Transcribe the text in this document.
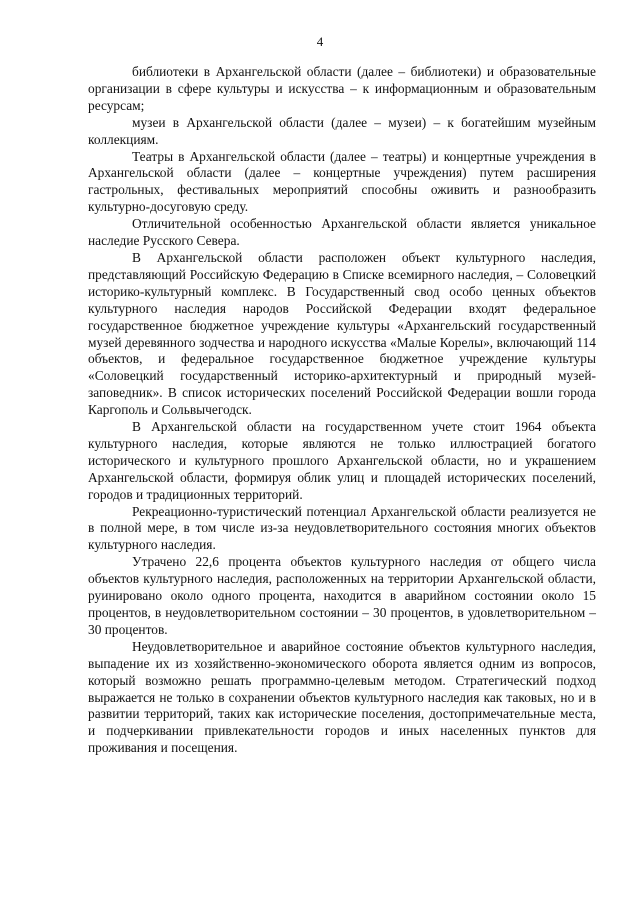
4

библиотеки в Архангельской области (далее – библиотеки) и образовательные организации в сфере культуры и искусства – к информационным и образовательным ресурсам;

музеи в Архангельской области (далее – музеи) – к богатейшим музейным коллекциям.

Театры в Архангельской области (далее – театры) и концертные учреждения в Архангельской области (далее – концертные учреждения) путем расширения гастрольных, фестивальных мероприятий способны оживить и разнообразить культурно-досуговую среду.

Отличительной особенностью Архангельской области является уникальное наследие Русского Севера.

В Архангельской области расположен объект культурного наследия, представляющий Российскую Федерацию в Списке всемирного наследия, – Соловецкий историко-культурный комплекс. В Государственный свод особо ценных объектов культурного наследия народов Российской Федерации входят федеральное государственное бюджетное учреждение культуры «Архангельский государственный музей деревянного зодчества и народного искусства «Малые Корелы», включающий 114 объектов, и федеральное государственное бюджетное учреждение культуры «Соловецкий государственный историко-архитектурный и природный музей-заповедник». В список исторических поселений Российской Федерации вошли города Каргополь и Сольвычегодск.

В Архангельской области на государственном учете стоит 1964 объекта культурного наследия, которые являются не только иллюстрацией богатого исторического и культурного прошлого Архангельской области, но и украшением Архангельской области, формируя облик улиц и площадей исторических поселений, городов и традиционных территорий.

Рекреационно-туристический потенциал Архангельской области реализуется не в полной мере, в том числе из-за неудовлетворительного состояния многих объектов культурного наследия.

Утрачено 22,6 процента объектов культурного наследия от общего числа объектов культурного наследия, расположенных на территории Архангельской области, руинировано около одного процента, находится в аварийном состоянии около 15 процентов, в неудовлетворительном состоянии – 30 процентов, в удовлетворительном – 30 процентов.

Неудовлетворительное и аварийное состояние объектов культурного наследия, выпадение их из хозяйственно-экономического оборота является одним из вопросов, который возможно решать программно-целевым методом. Стратегический подход выражается не только в сохранении объектов культурного наследия как таковых, но и в развитии территорий, таких как исторические поселения, достопримечательные места, и подчеркивании привлекательности городов и иных населенных пунктов для проживания и посещения.
